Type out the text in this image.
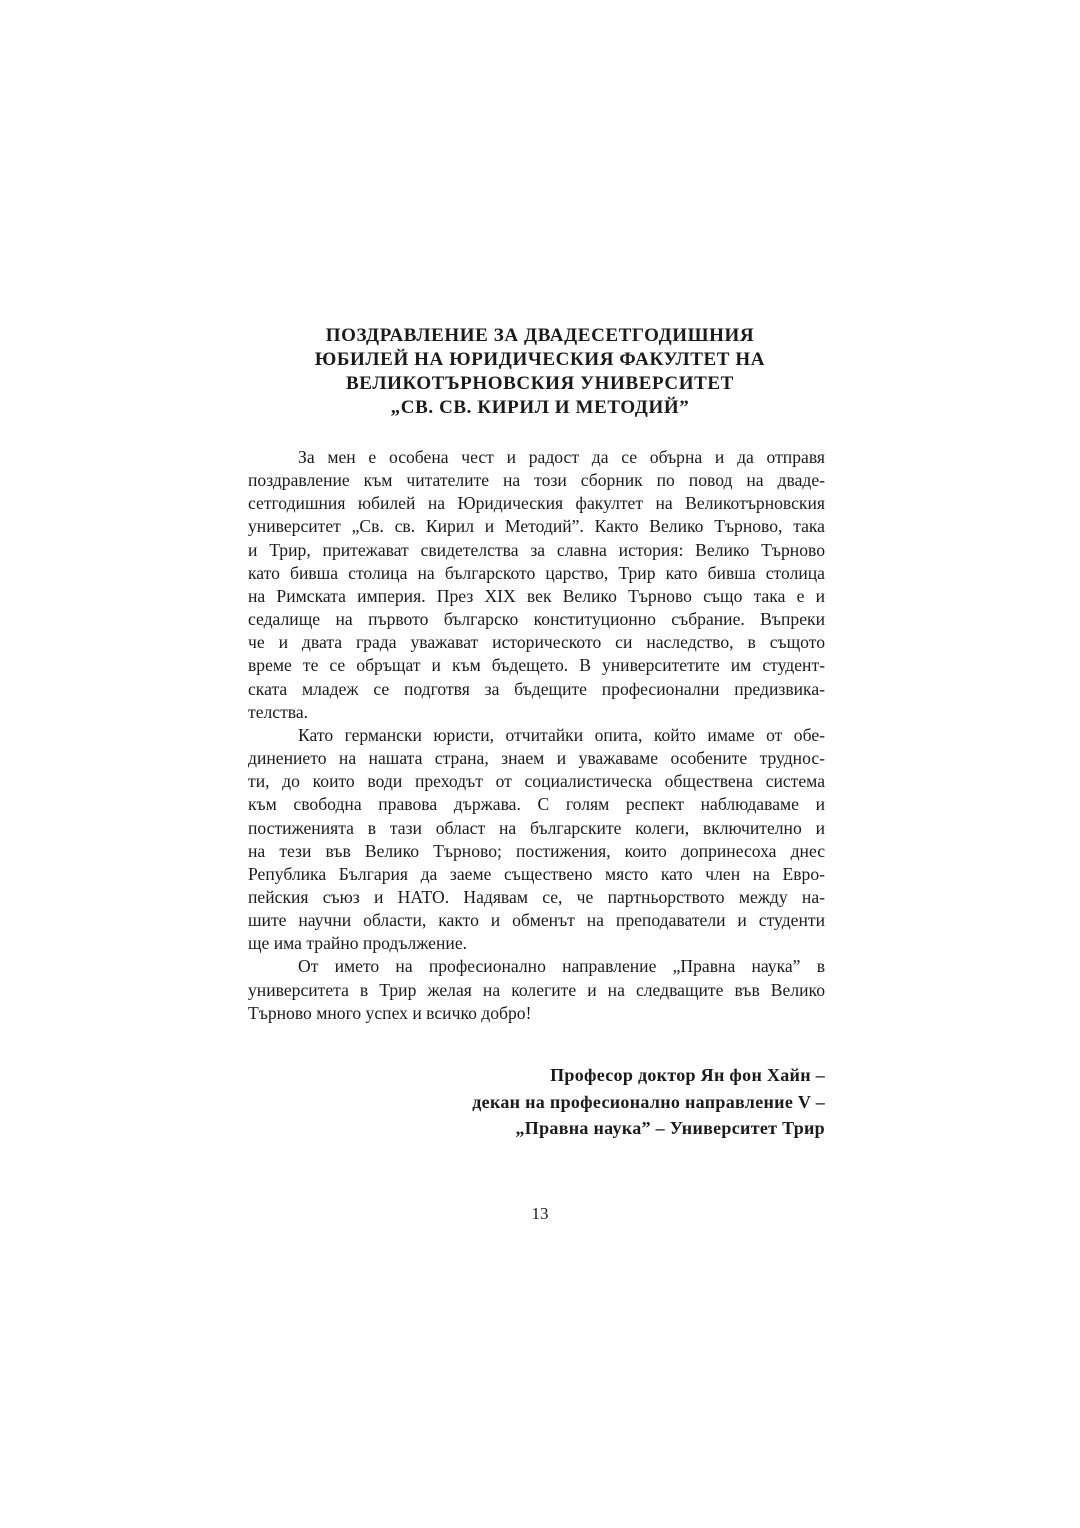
ПОЗДРАВЛЕНИЕ ЗА ДВАДЕСЕТГОДИШНИЯ
ЮБИЛЕЙ НА ЮРИДИЧЕСКИЯ ФАКУЛТЕТ НА
ВЕЛИКОТЪРНОВСКИЯ УНИВЕРСИТЕТ
„СВ. СВ. КИРИЛ И МЕТОДИЙ”
За мен е особена чест и радост да се обърна и да отправя
поздравление към читателите на този сборник по повод на дваде-
сетгодишния юбилей на Юридическия факултет на Великотърновския
университет „Св. св. Кирил и Методий”. Както Велико Търново, така
и Трир, притежават свидетелства за славна история: Велико Търново
като бивша столица на българското царство, Трир като бивша столица
на Римската империя. През XIX век Велико Търново също така е и
седалище на първото българско конституционно събрание. Въпреки
че и двата града уважават историческото си наследство, в същото
време те се обръщат и към бъдещето. В университетите им студент-
ската младеж се подготвя за бъдещите професионални предизвика-
телства.
Като германски юристи, отчитайки опита, който имаме от обе-
динението на нашата страна, знаем и уважаваме особените труднос-
ти, до които води преходът от социалистическа обществена система
към свободна правова държава. С голям респект наблюдаваме и
постиженията в тази област на българските колеги, включително и
на тези във Велико Търново; постижения, които допринесоха днес
Република България да заеме съществено място като член на Евро-
пейския съюз и НАТО. Надявам се, че партньорството между на-
шите научни области, както и обменът на преподаватели и студенти
ще има трайно продължение.
От името на професионално направление „Правна наука” в
университета в Трир желая на колегите и на следващите във Велико
Търново много успех и всичко добро!
Професор доктор Ян фон Хайн –
декан на професионално направление V –
„Правна наука” – Университет Трир
13
